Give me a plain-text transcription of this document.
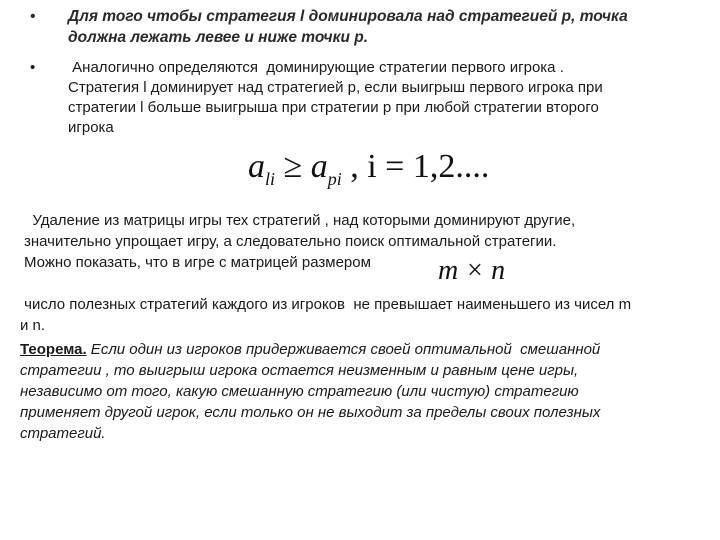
• Для того чтобы стратегия l доминировала над стратегией p, точка
должна лежать левее и ниже точки p.
• Аналогично определяются  доминирующие стратегии первого игрока .
Стратегия l доминирует над стратегией p, если выигрыш первого игрока при
стратегии l больше выигрыша при стратегии p при любой стратегии второго
игрока
$a_{li} \ge a_{pi}$ , i = 1,2....
Удаление из матрицы игры тех стратегий , над которыми доминируют другие,
значительно упрощает игру, а следовательно поиск оптимальной стратегии.
Можно показать, что в игре с матрицей размером	m × n
число полезных стратегий каждого из игроков  не превышает наименьшего из чисел m
и n.
Теорема. Если один из игроков придерживается своей оптимальной  смешанной
стратегии , то выигрыш игрока остается неизменным и равным цене игры,
независимо от того, какую смешанную стратегию (или чистую) стратегию
применяет другой игрок, если только он не выходит за пределы своих полезных
стратегий.
